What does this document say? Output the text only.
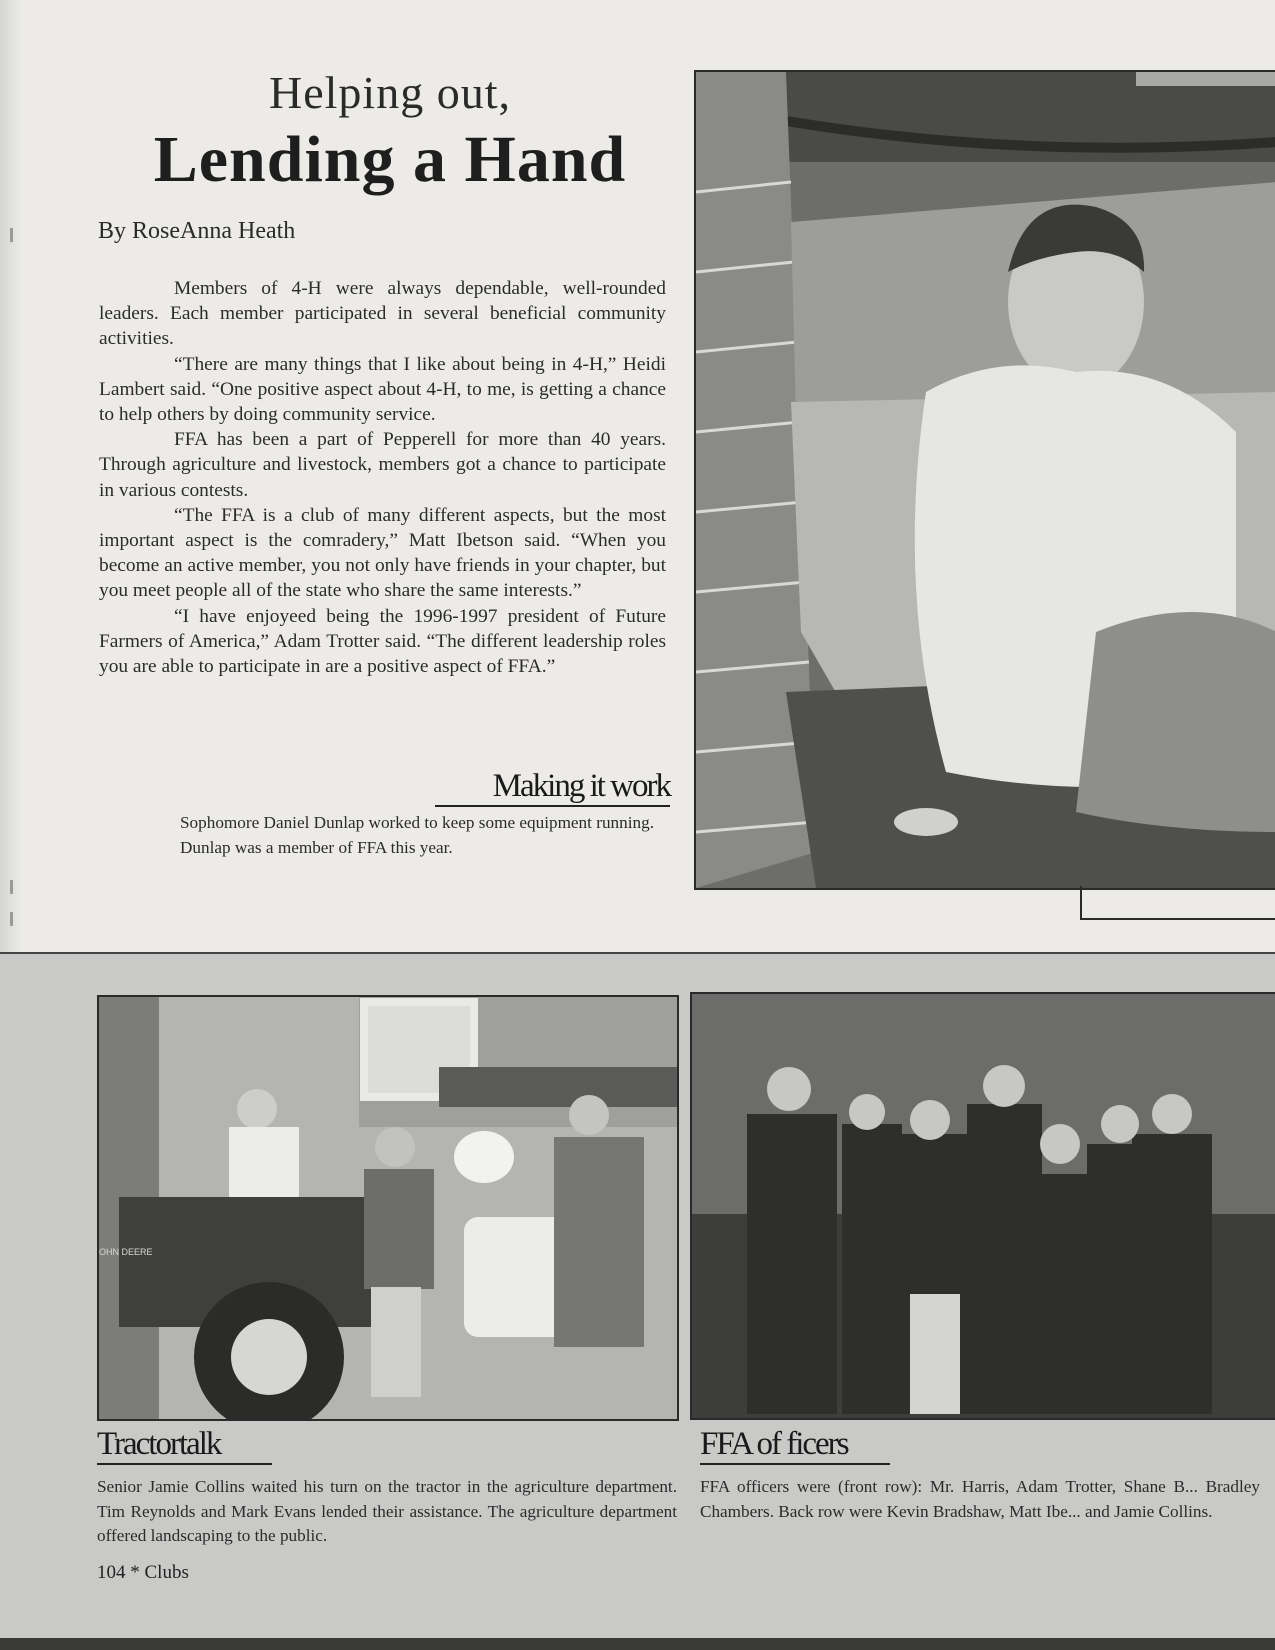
Helping out,
Lending a Hand
By RoseAnna Heath

Members of 4-H were always dependable, well-rounded leaders. Each member participated in several beneficial community activities.

“There are many things that I like about being in 4-H,” Heidi Lambert said. “One positive aspect about 4-H, to me, is getting a chance to help others by doing community service.

FFA has been a part of Pepperell for more than 40 years. Through agriculture and livestock, members got a chance to participate in various contests.

“The FFA is a club of many different aspects, but the most important aspect is the comradery,” Matt Ibetson said. “When you become an active member, you not only have friends in your chapter, but you meet people all of the state who share the same interests.”

“I have enjoyeed being the 1996-1997 president of Future Farmers of America,” Adam Trotter said. “The different leadership roles you are able to participate in are a positive aspect of FFA.”

Making it work
Sophomore Daniel Dunlap worked to keep some equipment running. Dunlap was a member of FFA this year.
OHN DEERE
Tractortalk
Senior Jamie Collins waited his turn on the tractor in the agriculture department. Tim Reynolds and Mark Evans lended their assistance. The agriculture department offered landscaping to the public.
FFA of ficers
FFA officers were (front row): Mr. Harris, Adam Trotter, Shane B... Bradley Chambers. Back row were Kevin Bradshaw, Matt Ibe... and Jamie Collins.
104 * Clubs
